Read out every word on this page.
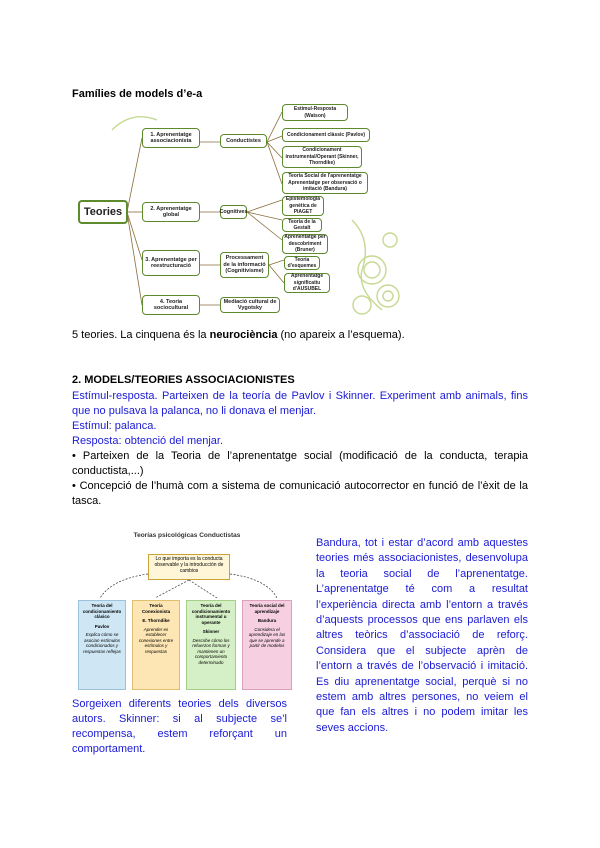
Famílies de models d’e-a
Teories
1. Aprenentatge associacionista
2. Aprenentatge global
3. Aprenentatge per reestructuració
4. Teoria sociocultural
Conductistes
Cognitives
Processament de la informació (Cognitivisme)
Mediació cultural de Vygotsky
Estímul-Resposta (Watson)
Condicionament clàssic (Pavlov)
Condicionament instrumental/Operant (Skinner, Thorndike)
Teoria Social de l'aprenentatge Aprenentatge per observació o imitació (Bandura)
Epistemologia genètica de PIAGET
Teoria de la Gestalt
Aprenentatge per descobriment (Bruner)
Teoria d'esquemes
Aprenentatge significatiu d'AUSUBEL
5 teories. La cinquena és la neurociència (no apareix a l’esquema).
2. MODELS/TEORIES ASSOCIACIONISTES
Estímul-resposta. Parteixen de la teoría de Pavlov i Skinner. Experiment amb animals, fins que no pulsava la palanca, no li donava el menjar.
Estímul: palanca.
Resposta: obtenció del menjar.
• Parteixen de la Teoria de l’aprenentatge social (modificació de la conducta, terapia conductista,...)
• Concepció de l’humà com a sistema de comunicació autocorrector en funció de l’èxit de la tasca.
Teorías psicológicas Conductistas
Lo que importa es la conducta observable y la introducción de cambios
Teoría del condicionamiento clásico
Pavlov
Explica cómo se asocian estímulos condicionados y respuestas reflejas
Teoría Conexionista
E. Thorndike
Aprender es establecer conexiones entre estímulos y respuestas
Teoría del condicionamiento instrumental u operante
Skinner
Describe cómo los refuerzos forman y mantienen un comportamiento determinado
Teoría social del aprendizaje
Bandura
Considera el aprendizaje en las que se aprende a partir de modelos
Sorgeixen diferents teories dels diversos autors. Skinner: si al subjecte se’l recompensa, estem reforçant un comportament.
Bandura, tot i estar d’acord amb aquestes teories més associacionistes, desenvolupa la teoria social de l’aprenentatge. L’aprenentatge té com a resultat l’experiència directa amb l’entorn a través d’aquests processos que ens parlaven els altres teòrics d’associació de reforç. Considera que el subjecte aprèn de l’entorn a través de l’observació i imitació. Es diu aprenentatge social, perquè si no estem amb altres persones, no veiem el que fan els altres i no podem imitar les seves accions.
